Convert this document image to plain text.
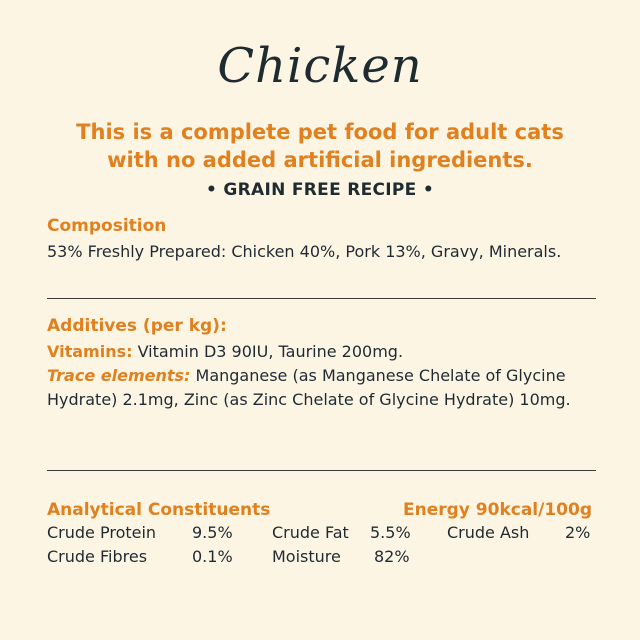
Chicken
This is a complete pet food for adult cats with no added artificial ingredients.
• GRAIN FREE RECIPE •
Composition
53% Freshly Prepared: Chicken 40%, Pork 13%, Gravy, Minerals.
Additives (per kg):
Vitamins: Vitamin D3 90IU, Taurine 200mg.
Trace elements: Manganese (as Manganese Chelate of Glycine Hydrate) 2.1mg, Zinc (as Zinc Chelate of Glycine Hydrate) 10mg.
Analytical Constituents	Energy 90kcal/100g
Crude Protein 9.5% Crude Fat 5.5% Crude Ash 2%
Crude Fibres	0.1% Moisture 82%
